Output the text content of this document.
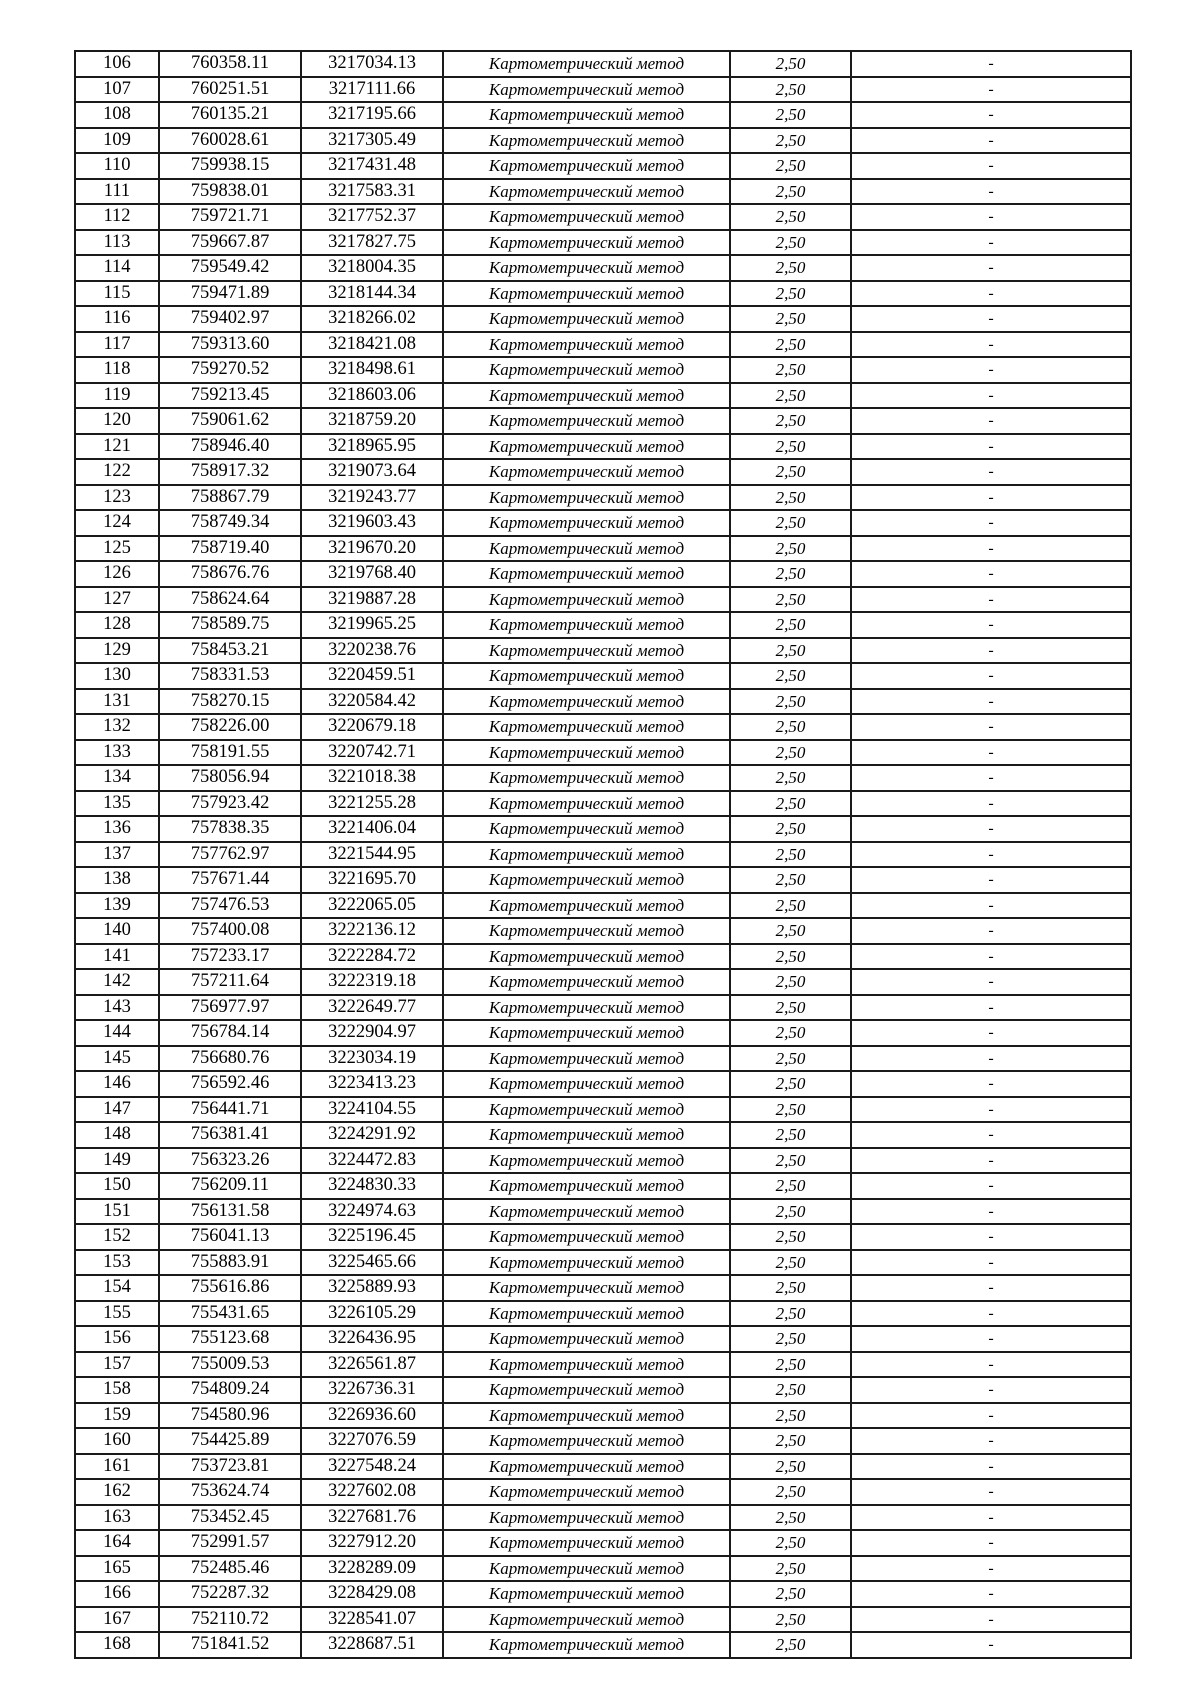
106	760358.11	3217034.13	Картометрический метод	2,50	-
107	760251.51	3217111.66	Картометрический метод	2,50	-
108	760135.21	3217195.66	Картометрический метод	2,50	-
109	760028.61	3217305.49	Картометрический метод	2,50	-
110	759938.15	3217431.48	Картометрический метод	2,50	-
111	759838.01	3217583.31	Картометрический метод	2,50	-
112	759721.71	3217752.37	Картометрический метод	2,50	-
113	759667.87	3217827.75	Картометрический метод	2,50	-
114	759549.42	3218004.35	Картометрический метод	2,50	-
115	759471.89	3218144.34	Картометрический метод	2,50	-
116	759402.97	3218266.02	Картометрический метод	2,50	-
117	759313.60	3218421.08	Картометрический метод	2,50	-
118	759270.52	3218498.61	Картометрический метод	2,50	-
119	759213.45	3218603.06	Картометрический метод	2,50	-
120	759061.62	3218759.20	Картометрический метод	2,50	-
121	758946.40	3218965.95	Картометрический метод	2,50	-
122	758917.32	3219073.64	Картометрический метод	2,50	-
123	758867.79	3219243.77	Картометрический метод	2,50	-
124	758749.34	3219603.43	Картометрический метод	2,50	-
125	758719.40	3219670.20	Картометрический метод	2,50	-
126	758676.76	3219768.40	Картометрический метод	2,50	-
127	758624.64	3219887.28	Картометрический метод	2,50	-
128	758589.75	3219965.25	Картометрический метод	2,50	-
129	758453.21	3220238.76	Картометрический метод	2,50	-
130	758331.53	3220459.51	Картометрический метод	2,50	-
131	758270.15	3220584.42	Картометрический метод	2,50	-
132	758226.00	3220679.18	Картометрический метод	2,50	-
133	758191.55	3220742.71	Картометрический метод	2,50	-
134	758056.94	3221018.38	Картометрический метод	2,50	-
135	757923.42	3221255.28	Картометрический метод	2,50	-
136	757838.35	3221406.04	Картометрический метод	2,50	-
137	757762.97	3221544.95	Картометрический метод	2,50	-
138	757671.44	3221695.70	Картометрический метод	2,50	-
139	757476.53	3222065.05	Картометрический метод	2,50	-
140	757400.08	3222136.12	Картометрический метод	2,50	-
141	757233.17	3222284.72	Картометрический метод	2,50	-
142	757211.64	3222319.18	Картометрический метод	2,50	-
143	756977.97	3222649.77	Картометрический метод	2,50	-
144	756784.14	3222904.97	Картометрический метод	2,50	-
145	756680.76	3223034.19	Картометрический метод	2,50	-
146	756592.46	3223413.23	Картометрический метод	2,50	-
147	756441.71	3224104.55	Картометрический метод	2,50	-
148	756381.41	3224291.92	Картометрический метод	2,50	-
149	756323.26	3224472.83	Картометрический метод	2,50	-
150	756209.11	3224830.33	Картометрический метод	2,50	-
151	756131.58	3224974.63	Картометрический метод	2,50	-
152	756041.13	3225196.45	Картометрический метод	2,50	-
153	755883.91	3225465.66	Картометрический метод	2,50	-
154	755616.86	3225889.93	Картометрический метод	2,50	-
155	755431.65	3226105.29	Картометрический метод	2,50	-
156	755123.68	3226436.95	Картометрический метод	2,50	-
157	755009.53	3226561.87	Картометрический метод	2,50	-
158	754809.24	3226736.31	Картометрический метод	2,50	-
159	754580.96	3226936.60	Картометрический метод	2,50	-
160	754425.89	3227076.59	Картометрический метод	2,50	-
161	753723.81	3227548.24	Картометрический метод	2,50	-
162	753624.74	3227602.08	Картометрический метод	2,50	-
163	753452.45	3227681.76	Картометрический метод	2,50	-
164	752991.57	3227912.20	Картометрический метод	2,50	-
165	752485.46	3228289.09	Картометрический метод	2,50	-
166	752287.32	3228429.08	Картометрический метод	2,50	-
167	752110.72	3228541.07	Картометрический метод	2,50	-
168	751841.52	3228687.51	Картометрический метод	2,50	-
